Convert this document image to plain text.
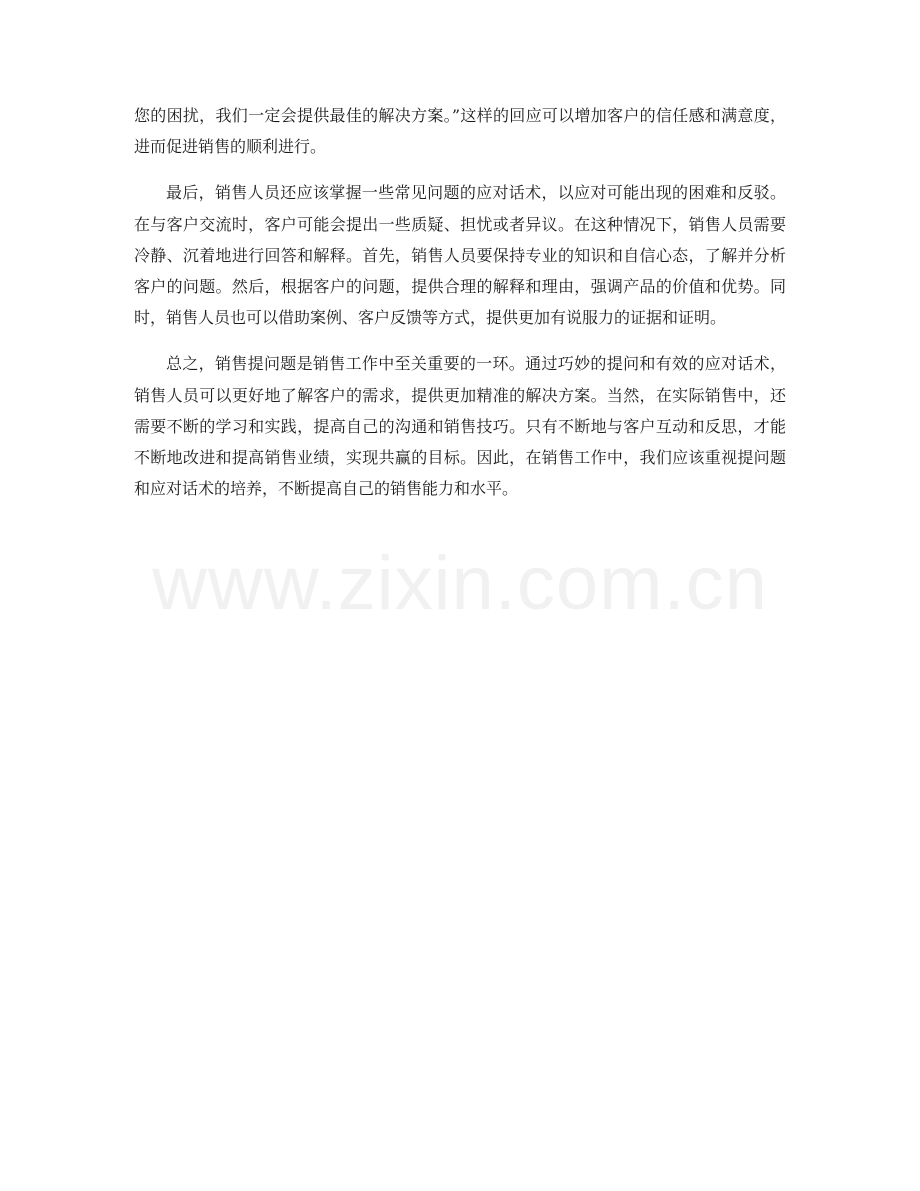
www.zixin.com.cn

您的困扰，我们一定会提供最佳的解决方案。”这样的回应可以增加客户的信任感和满意度，进而促进销售的顺利进行。

最后，销售人员还应该掌握一些常见问题的应对话术，以应对可能出现的困难和反驳。在与客户交流时，客户可能会提出一些质疑、担忧或者异议。在这种情况下，销售人员需要冷静、沉着地进行回答和解释。首先，销售人员要保持专业的知识和自信心态，了解并分析客户的问题。然后，根据客户的问题，提供合理的解释和理由，强调产品的价值和优势。同时，销售人员也可以借助案例、客户反馈等方式，提供更加有说服力的证据和证明。

总之，销售提问题是销售工作中至关重要的一环。通过巧妙的提问和有效的应对话术，销售人员可以更好地了解客户的需求，提供更加精准的解决方案。当然，在实际销售中，还需要不断的学习和实践，提高自己的沟通和销售技巧。只有不断地与客户互动和反思，才能不断地改进和提高销售业绩，实现共赢的目标。因此，在销售工作中，我们应该重视提问题和应对话术的培养，不断提高自己的销售能力和水平。
